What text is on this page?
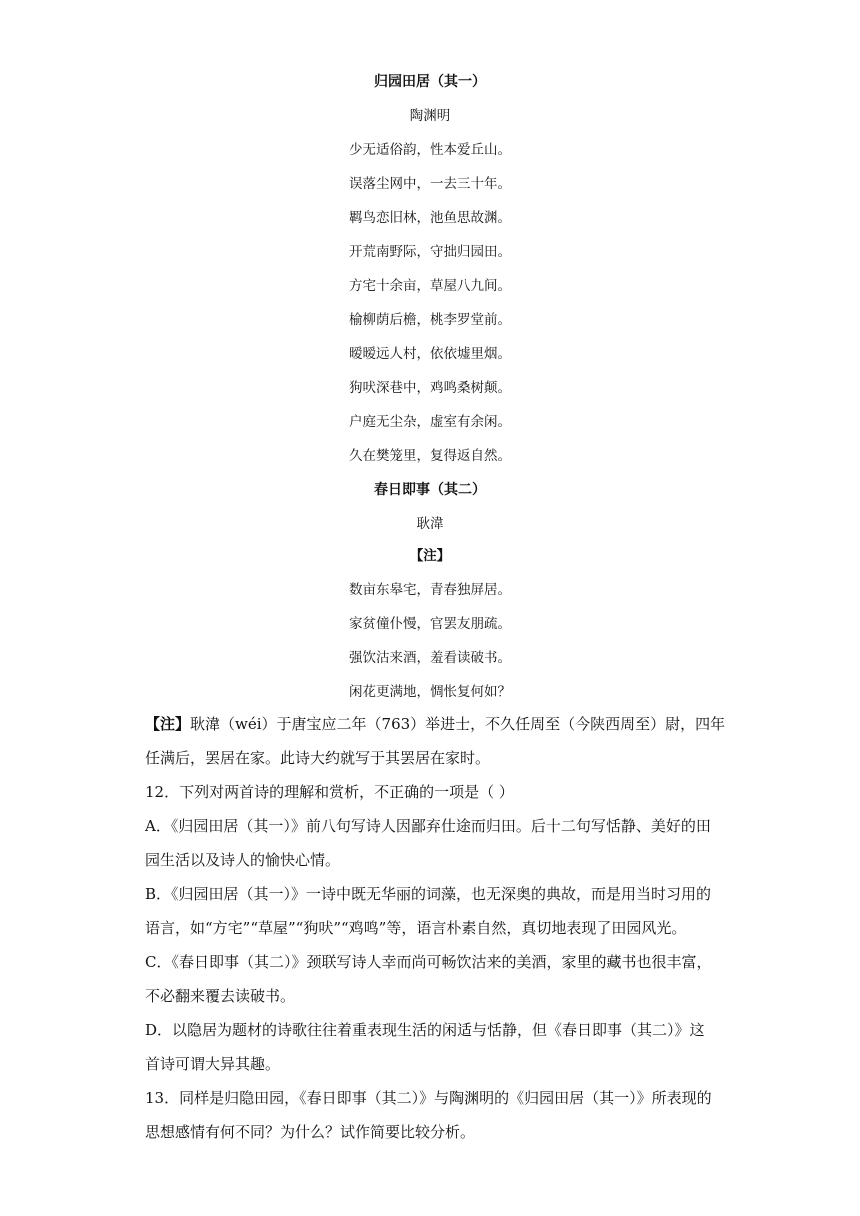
归园田居（其一）
陶渊明
少无适俗韵，性本爱丘山。
误落尘网中，一去三十年。
羁鸟恋旧林，池鱼思故渊。
开荒南野际，守拙归园田。
方宅十余亩，草屋八九间。
榆柳荫后檐，桃李罗堂前。
暧暧远人村，依依墟里烟。
狗吠深巷中，鸡鸣桑树颠。
户庭无尘杂，虚室有余闲。
久在樊笼里，复得返自然。
春日即事（其二）
耿湋
【注】
数亩东皋宅，青春独屏居。
家贫僮仆慢，官罢友朋疏。
强饮沽来酒，羞看读破书。
闲花更满地，惆怅复何如？
【注】耿湋（wéi）于唐宝应二年（763）举进士，不久任周至（今陕西周至）尉，四年
任满后，罢居在家。此诗大约就写于其罢居在家时。
12．下列对两首诗的理解和赏析，不正确的一项是（ ）
A．《归园田居（其一）》前八句写诗人因鄙弃仕途而归田。后十二句写恬静、美好的田
园生活以及诗人的愉快心情。
B．《归园田居（其一）》一诗中既无华丽的词藻，也无深奥的典故，而是用当时习用的
语言，如“方宅”“草屋”“狗吠”“鸡鸣”等，语言朴素自然，真切地表现了田园风光。
C．《春日即事（其二）》颈联写诗人幸而尚可畅饮沽来的美酒，家里的藏书也很丰富，
不必翻来覆去读破书。
D．以隐居为题材的诗歌往往着重表现生活的闲适与恬静，但《春日即事（其二）》这
首诗可谓大异其趣。
13．同样是归隐田园，《春日即事（其二）》与陶渊明的《归园田居（其一）》所表现的
思想感情有何不同？为什么？试作简要比较分析。
